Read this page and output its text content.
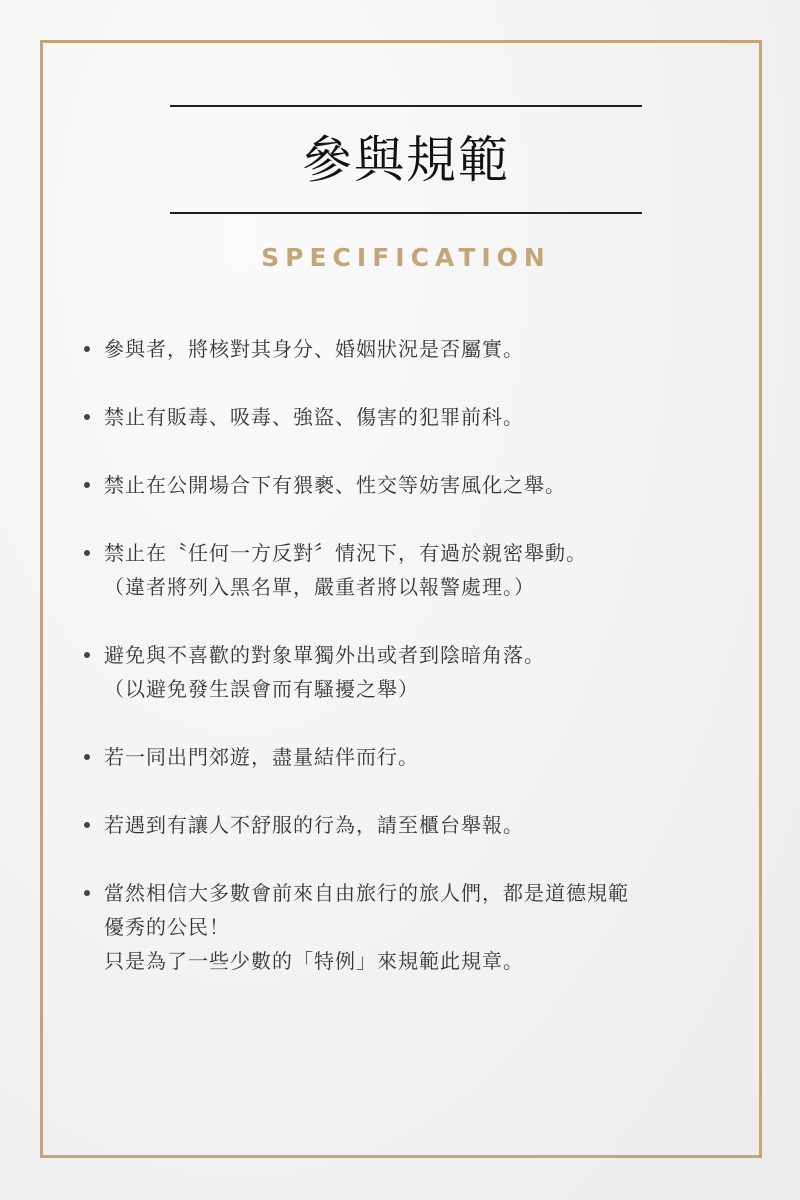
參與規範
SPECIFICATION
參與者，將核對其身分、婚姻狀況是否屬實。
禁止有販毒、吸毒、強盜、傷害的犯罪前科。
禁止在公開場合下有猥褻、性交等妨害風化之舉。
禁止在〝任何一方反對〞情況下，有過於親密舉動。
（違者將列入黑名單，嚴重者將以報警處理。）
避免與不喜歡的對象單獨外出或者到陰暗角落。
（以避免發生誤會而有騷擾之舉）
若一同出門郊遊，盡量結伴而行。
若遇到有讓人不舒服的行為，請至櫃台舉報。
當然相信大多數會前來自由旅行的旅人們，都是道德規範
優秀的公民！
只是為了一些少數的「特例」來規範此規章。
